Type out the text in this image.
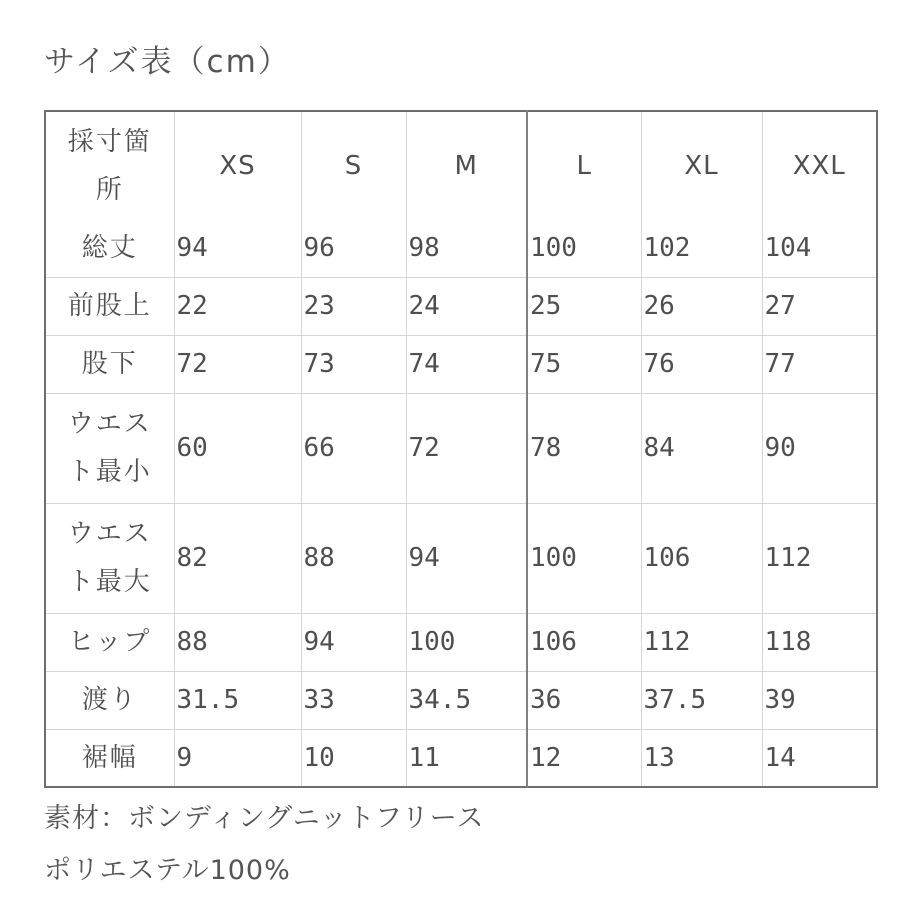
サイズ表（cm）
採寸箇
所	XS	S	M	L	XL	XXL

総丈	94	96	98	100	102	104

前股上	22	23	24	25	26	27

股下	72	73	74	75	76	77

ウエス
ト最小	60	66	72	78	84	90

ウエス
ト最大	82	88	94	100	106	112

ヒップ	88	94	100	106	112	118

渡り	31.5	33	34.5	36	37.5	39

裾幅	9	10	11	12	13	14
素材：ボンディングニットフリース
ポリエステル100%
